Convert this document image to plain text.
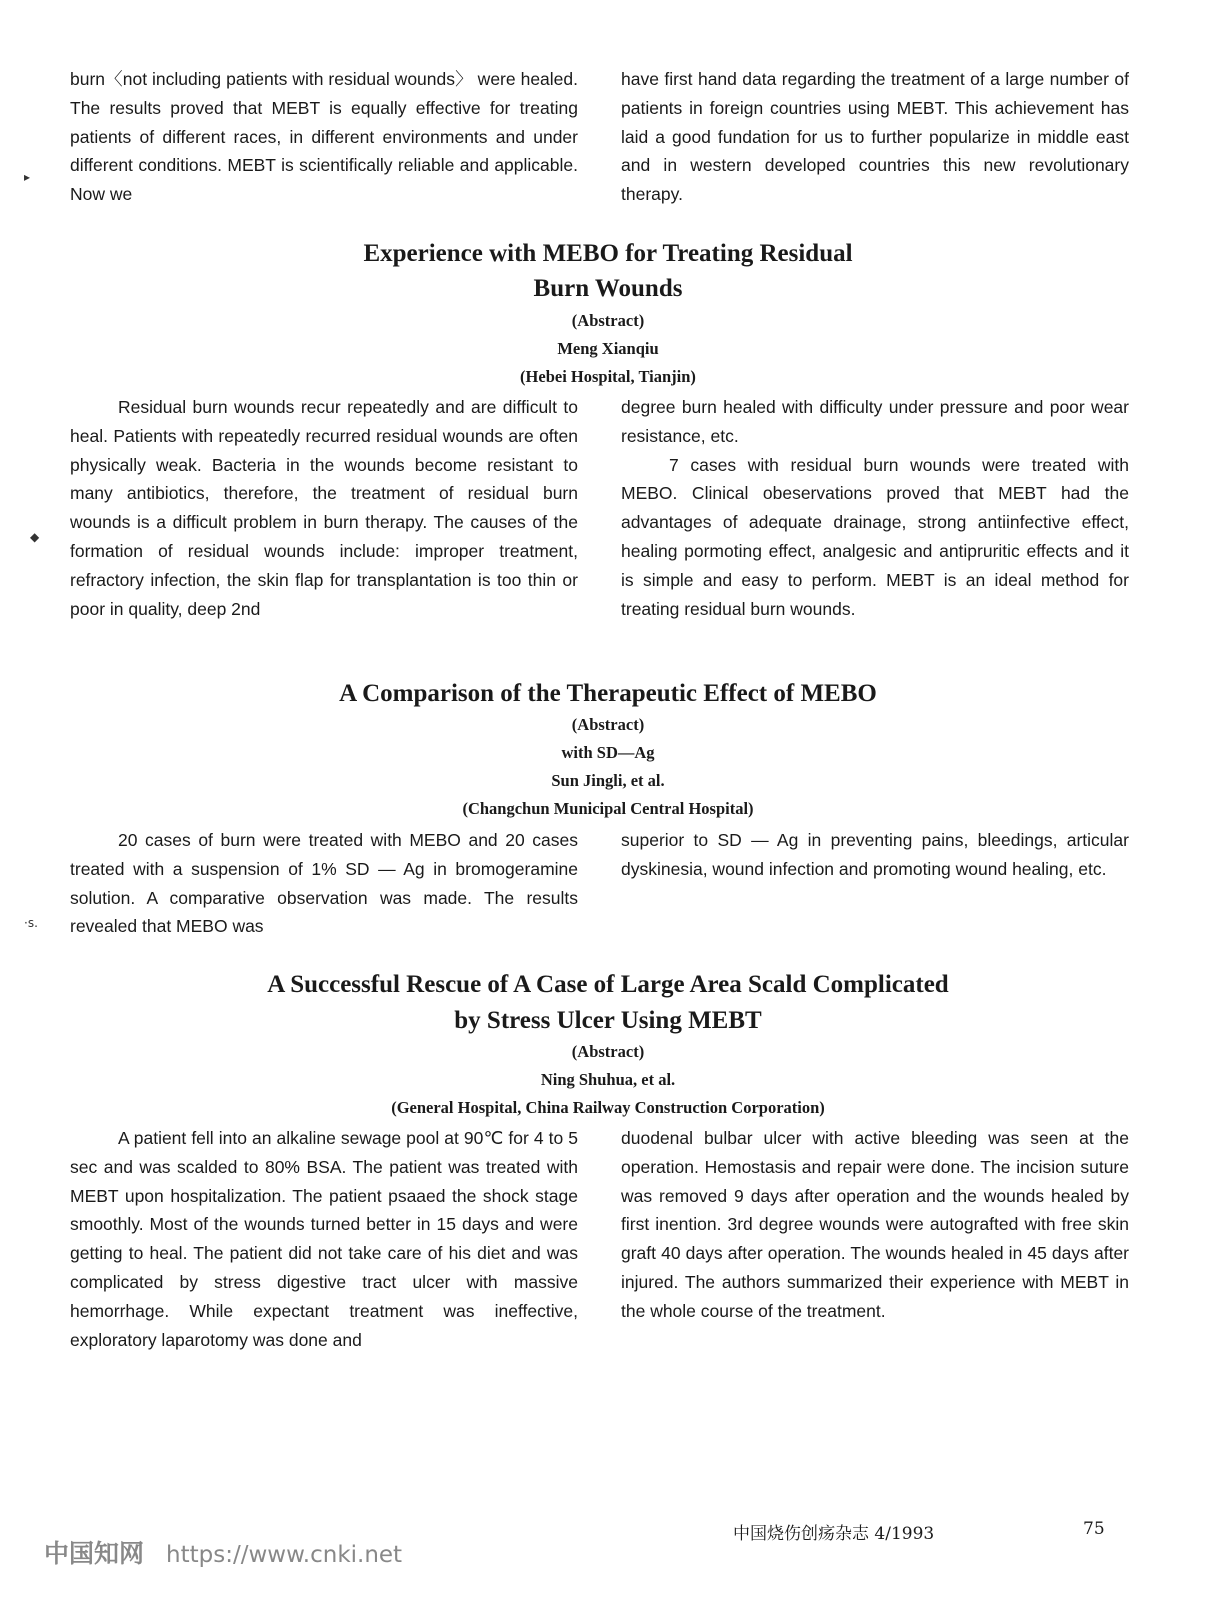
burn〈not including patients with residual wounds〉 were healed. The results proved that MEBT is equally effective for treating patients of different races, in different environments and under different conditions. MEBT is scientifically reliable and applicable. Now we

have first hand data regarding the treatment of a large number of patients in foreign countries using MEBT. This achievement has laid a good fundation for us to further popularize in middle east and in western developed countries this new revolutionary therapy.

Experience with MEBO for Treating Residual
Burn Wounds
(Abstract)
Meng Xianqiu
(Hebei Hospital, Tianjin)

Residual burn wounds recur repeatedly and are difficult to heal. Patients with repeatedly recurred residual wounds are often physically weak. Bacteria in the wounds become resistant to many antibiotics, therefore, the treatment of residual burn wounds is a difficult problem in burn therapy. The causes of the formation of residual wounds include: improper treatment, refractory infection, the skin flap for transplantation is too thin or poor in quality, deep 2nd

degree burn healed with difficulty under pressure and poor wear resistance, etc.

7 cases with residual burn wounds were treated with MEBO. Clinical obeservations proved that MEBT had the advantages of adequate drainage, strong antiinfective effect, healing pormoting effect, analgesic and antipruritic effects and it is simple and easy to perform. MEBT is an ideal method for treating residual burn wounds.

A Comparison of the Therapeutic Effect of MEBO
(Abstract)
with SD—Ag
Sun Jingli, et al.
(Changchun Municipal Central Hospital)

20 cases of burn were treated with MEBO and 20 cases treated with a suspension of 1% SD — Ag in bromogeramine solution. A comparative observation was made. The results revealed that MEBO was

superior to SD — Ag in preventing pains, bleedings, articular dyskinesia, wound infection and promoting wound healing, etc.

A Successful Rescue of A Case of Large Area Scald Complicated
by Stress Ulcer Using MEBT
(Abstract)
Ning Shuhua, et al.
(General Hospital, China Railway Construction Corporation)

A patient fell into an alkaline sewage pool at 90℃ for 4 to 5 sec and was scalded to 80% BSA. The patient was treated with MEBT upon hospitalization. The patient psaaed the shock stage smoothly. Most of the wounds turned better in 15 days and were getting to heal. The patient did not take care of his diet and was complicated by stress digestive tract ulcer with massive hemorrhage. While expectant treatment was ineffective, exploratory laparotomy was done and

duodenal bulbar ulcer with active bleeding was seen at the operation. Hemostasis and repair were done. The incision suture was removed 9 days after operation and the wounds healed by first inention. 3rd degree wounds were autografted with free skin graft 40 days after operation. The wounds healed in 45 days after injured. The authors summarized their experience with MEBT in the whole course of the treatment.

▸
◆
·s.
中国烧伤创疡杂志 4/1993	75
中国知网 https://www.cnki.net
